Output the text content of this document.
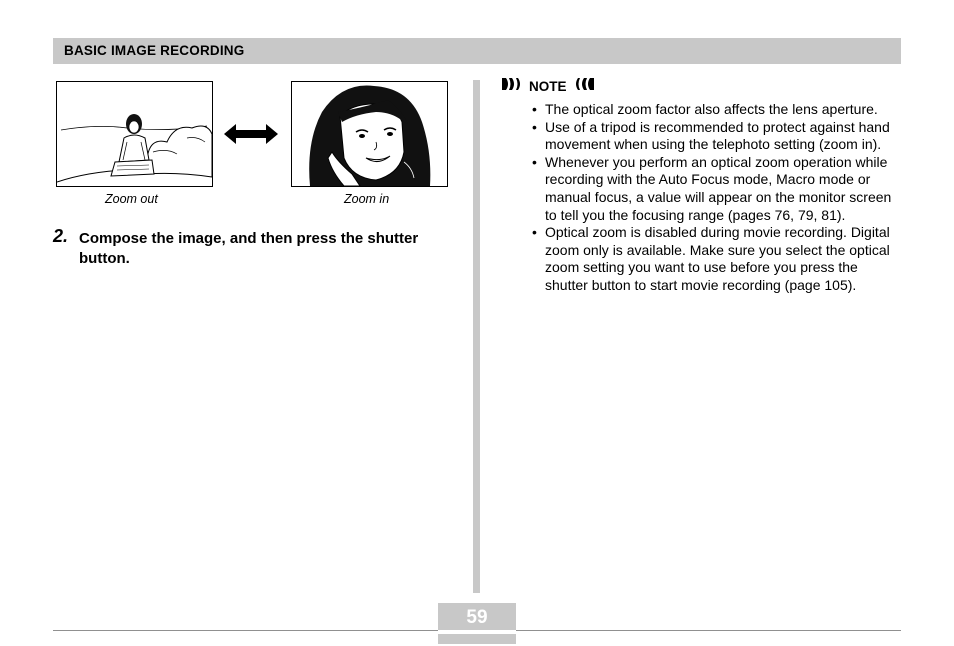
BASIC IMAGE RECORDING
Zoom out	Zoom in
2. Compose the image, and then press the shutter button.
NOTE
• The optical zoom factor also affects the lens aperture.
• Use of a tripod is recommended to protect against hand movement when using the telephoto setting (zoom in).
• Whenever you perform an optical zoom operation while recording with the Auto Focus mode, Macro mode or manual focus, a value will appear on the monitor screen to tell you the focusing range (pages 76, 79, 81).
• Optical zoom is disabled during movie recording. Digital zoom only is available. Make sure you select the optical zoom setting you want to use before you press the shutter button to start movie recording (page 105).
59
